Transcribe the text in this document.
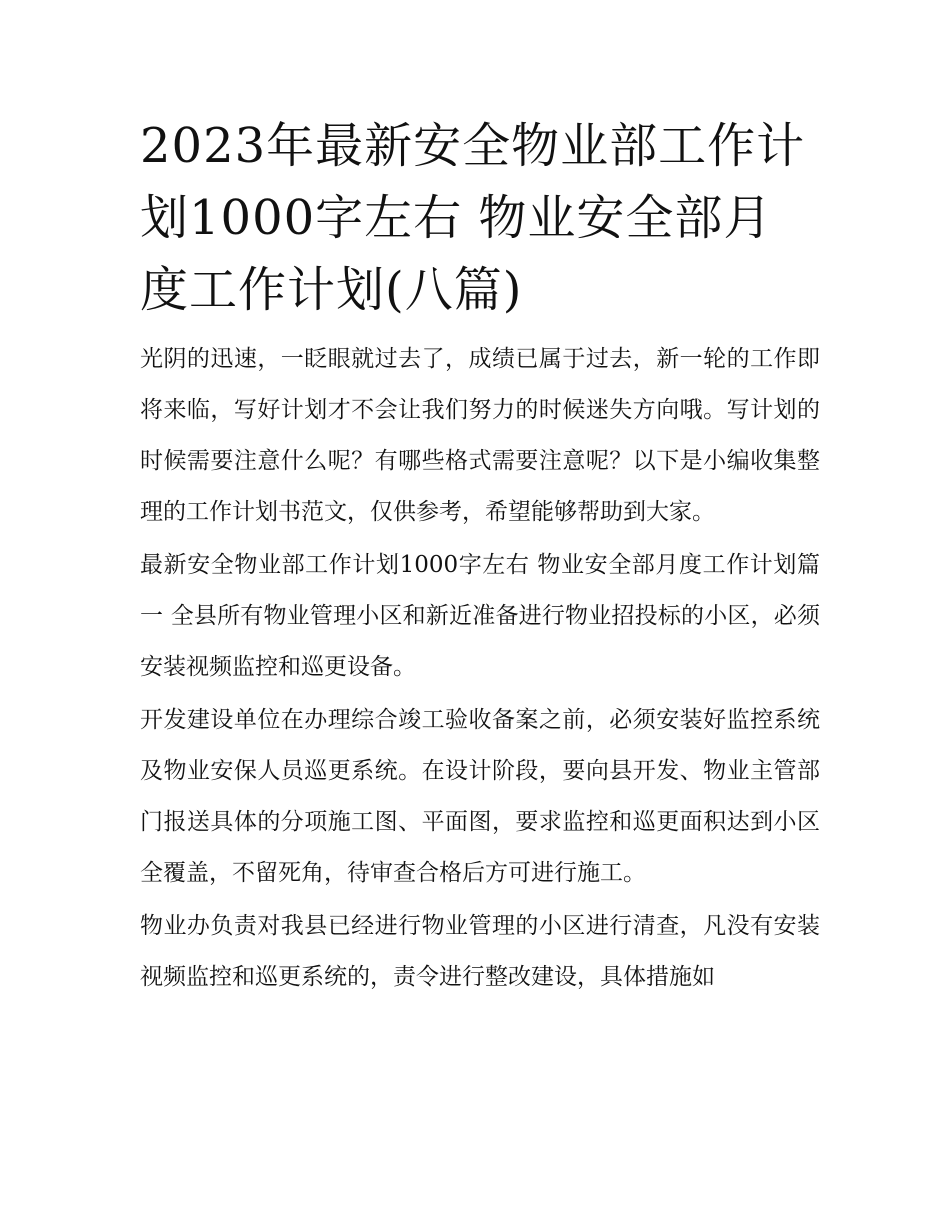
2023年最新安全物业部工作计划1000字左右 物业安全部月度工作计划(八篇)

光阴的迅速，一眨眼就过去了，成绩已属于过去，新一轮的工作即将来临，写好计划才不会让我们努力的时候迷失方向哦。写计划的时候需要注意什么呢？有哪些格式需要注意呢？以下是小编收集整理的工作计划书范文，仅供参考，希望能够帮助到大家。

最新安全物业部工作计划1000字左右 物业安全部月度工作计划篇一 全县所有物业管理小区和新近准备进行物业招投标的小区，必须安装视频监控和巡更设备。

开发建设单位在办理综合竣工验收备案之前，必须安装好监控系统及物业安保人员巡更系统。在设计阶段，要向县开发、物业主管部门报送具体的分项施工图、平面图，要求监控和巡更面积达到小区全覆盖，不留死角，待审查合格后方可进行施工。

物业办负责对我县已经进行物业管理的小区进行清查，凡没有安装视频监控和巡更系统的，责令进行整改建设，具体措施如
